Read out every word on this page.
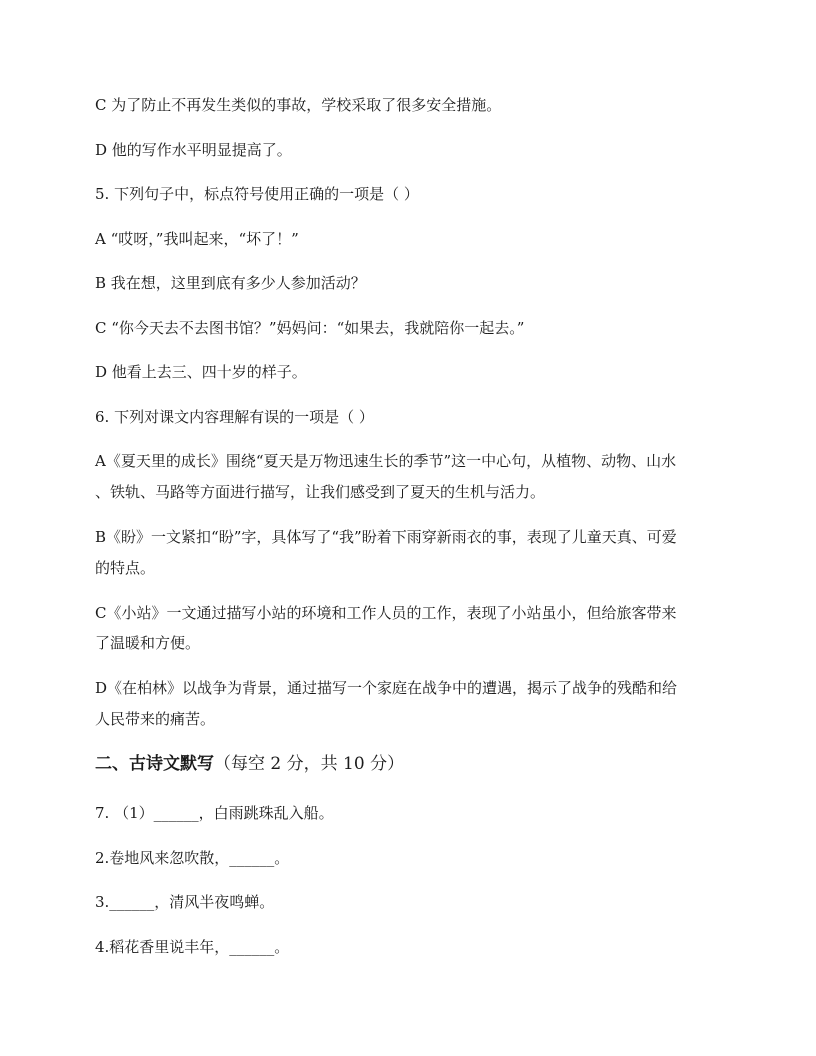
C 为了防止不再发生类似的事故，学校采取了很多安全措施。
D 他的写作水平明显提高了。
5. 下列句子中，标点符号使用正确的一项是（ ）
A “哎呀，”我叫起来，“坏了！”
B 我在想，这里到底有多少人参加活动？
C “你今天去不去图书馆？”妈妈问：“如果去，我就陪你一起去。”
D 他看上去三、四十岁的样子。
6. 下列对课文内容理解有误的一项是（ ）
A《夏天里的成长》围绕“夏天是万物迅速生长的季节”这一中心句，从植物、动物、山水
、铁轨、马路等方面进行描写，让我们感受到了夏天的生机与活力。
B《盼》一文紧扣“盼”字，具体写了“我”盼着下雨穿新雨衣的事，表现了儿童天真、可爱
的特点。
C《小站》一文通过描写小站的环境和工作人员的工作，表现了小站虽小，但给旅客带来
了温暖和方便。
D《在柏林》以战争为背景，通过描写一个家庭在战争中的遭遇，揭示了战争的残酷和给
人民带来的痛苦。
二、古诗文默写（每空 2 分，共 10 分）
7. （1）______，白雨跳珠乱入船。
2.卷地风来忽吹散，______。
3.______，清风半夜鸣蝉。
4.稻花香里说丰年，______。
